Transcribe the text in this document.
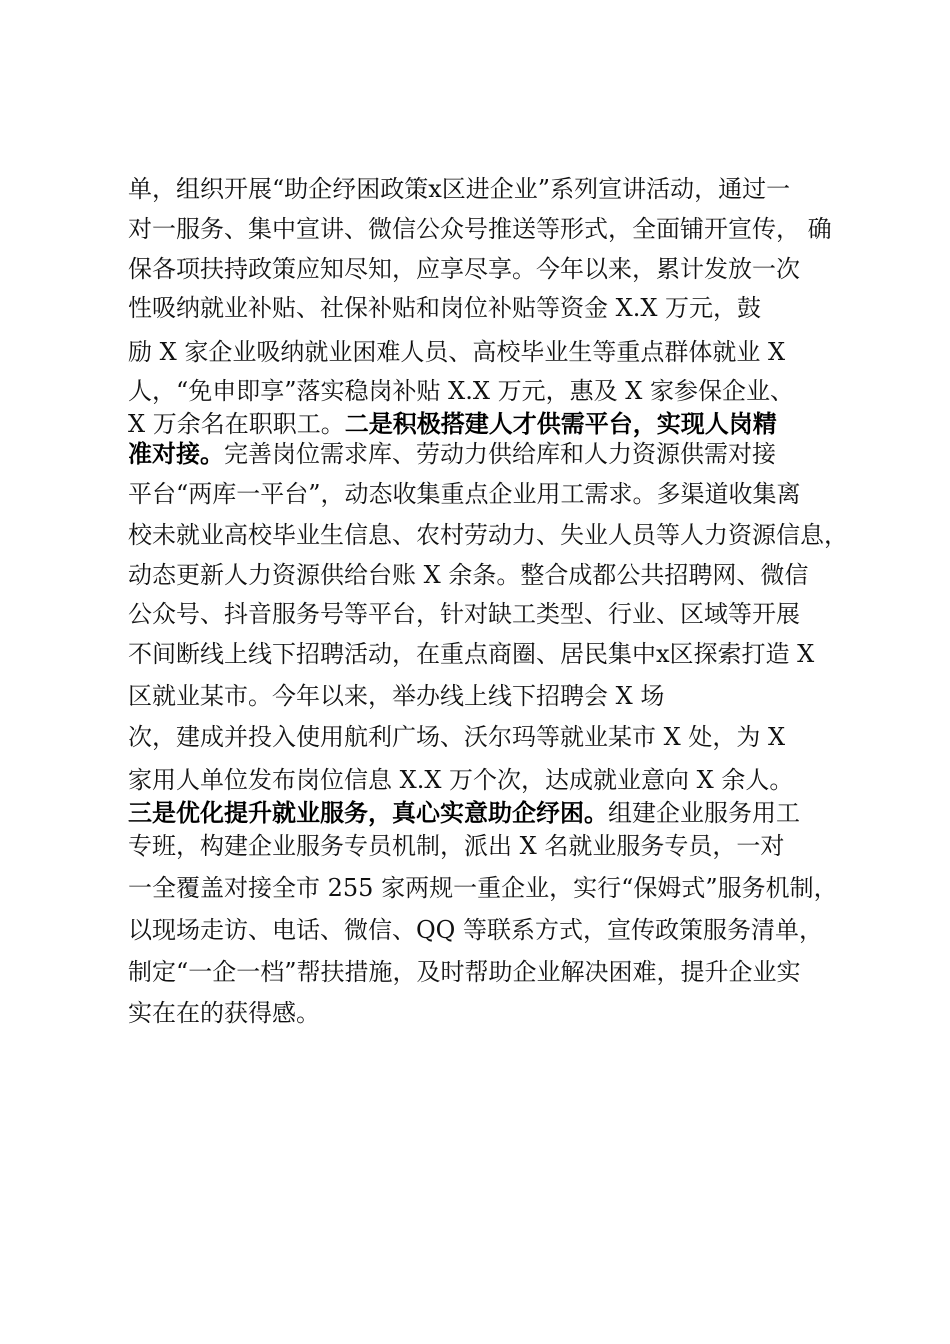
单，组织开展“助企纾困政策ⅹ区进企业”系列宣讲活动，通过一
对一服务、集中宣讲、微信公众号推送等形式，全面铺开宣传， 确
保各项扶持政策应知尽知，应享尽享。今年以来，累计发放一次
性吸纳就业补贴、社保补贴和岗位补贴等资金 X.X 万元，鼓
励 X 家企业吸纳就业困难人员、高校毕业生等重点群体就业 X
人，“免申即享”落实稳岗补贴 X.X 万元，惠及 X 家参保企业、
X 万余名在职职工。二是积极搭建人才供需平台，实现人岗精
准对接。完善岗位需求库、劳动力供给库和人力资源供需对接
平台“两库一平台”，动态收集重点企业用工需求。多渠道收集离
校未就业高校毕业生信息、农村劳动力、失业人员等人力资源信息，
动态更新人力资源供给台账 X 余条。整合成都公共招聘网、微信
公众号、抖音服务号等平台，针对缺工类型、行业、区域等开展
不间断线上线下招聘活动，在重点商圈、居民集中ⅹ区探索打造 X
区就业某市。今年以来，举办线上线下招聘会 X 场
次，建成并投入使用航利广场、沃尔玛等就业某市 X 处，为 X
家用人单位发布岗位信息 X.X 万个次，达成就业意向 X 余人。
三是优化提升就业服务，真心实意助企纾困。组建企业服务用工
专班，构建企业服务专员机制，派出 X 名就业服务专员，一对
一全覆盖对接全市 255 家两规一重企业，实行“保姆式”服务机制，
以现场走访、电话、微信、QQ 等联系方式，宣传政策服务清单，
制定“一企一档”帮扶措施，及时帮助企业解决困难，提升企业实
实在在的获得感。
